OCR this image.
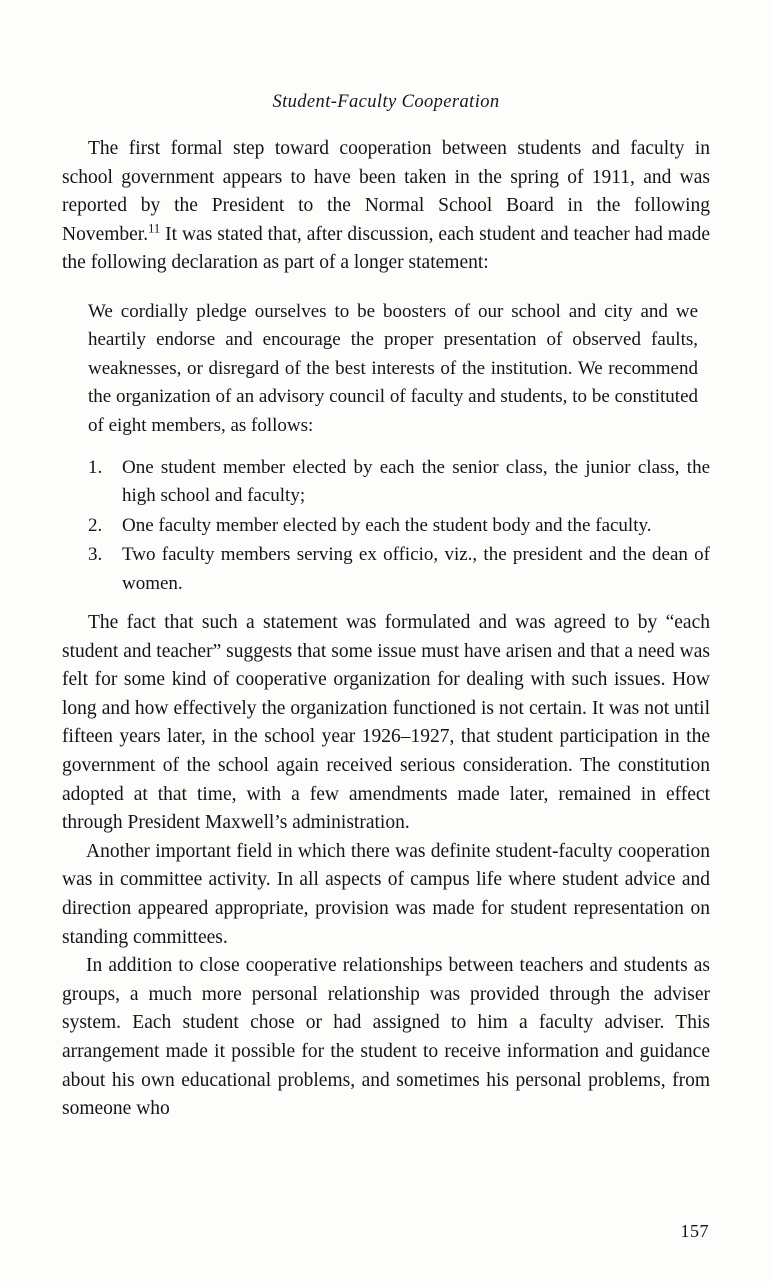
Student-Faculty Cooperation

The first formal step toward cooperation between students and faculty in school government appears to have been taken in the spring of 1911, and was reported by the President to the Normal School Board in the following November.$^{11}$ It was stated that, after discussion, each student and teacher had made the following declaration as part of a longer statement:

We cordially pledge ourselves to be boosters of our school and city and we heartily endorse and encourage the proper presentation of observed faults, weaknesses, or disregard of the best interests of the institution. We recommend the organization of an advisory council of faculty and students, to be constituted of eight members, as follows:
1.	One student member elected by each the senior class, the junior class, the high school and faculty;
2.	One faculty member elected by each the student body and the faculty.
3.	Two faculty members serving ex officio, viz., the president and the dean of women.

The fact that such a statement was formulated and was agreed to by “each student and teacher” suggests that some issue must have arisen and that a need was felt for some kind of cooperative organization for dealing with such issues. How long and how effectively the organization functioned is not certain. It was not until fifteen years later, in the school year 1926–1927, that student participation in the government of the school again received serious consideration. The constitution adopted at that time, with a few amendments made later, remained in effect through President Maxwell’s administration.

Another important field in which there was definite student-faculty cooperation was in committee activity. In all aspects of campus life where student advice and direction appeared appropriate, provision was made for student representation on standing committees.

In addition to close cooperative relationships between teachers and students as groups, a much more personal relationship was provided through the adviser system. Each student chose or had assigned to him a faculty adviser. This arrangement made it possible for the student to receive information and guidance about his own educational problems, and sometimes his personal problems, from someone who

157
